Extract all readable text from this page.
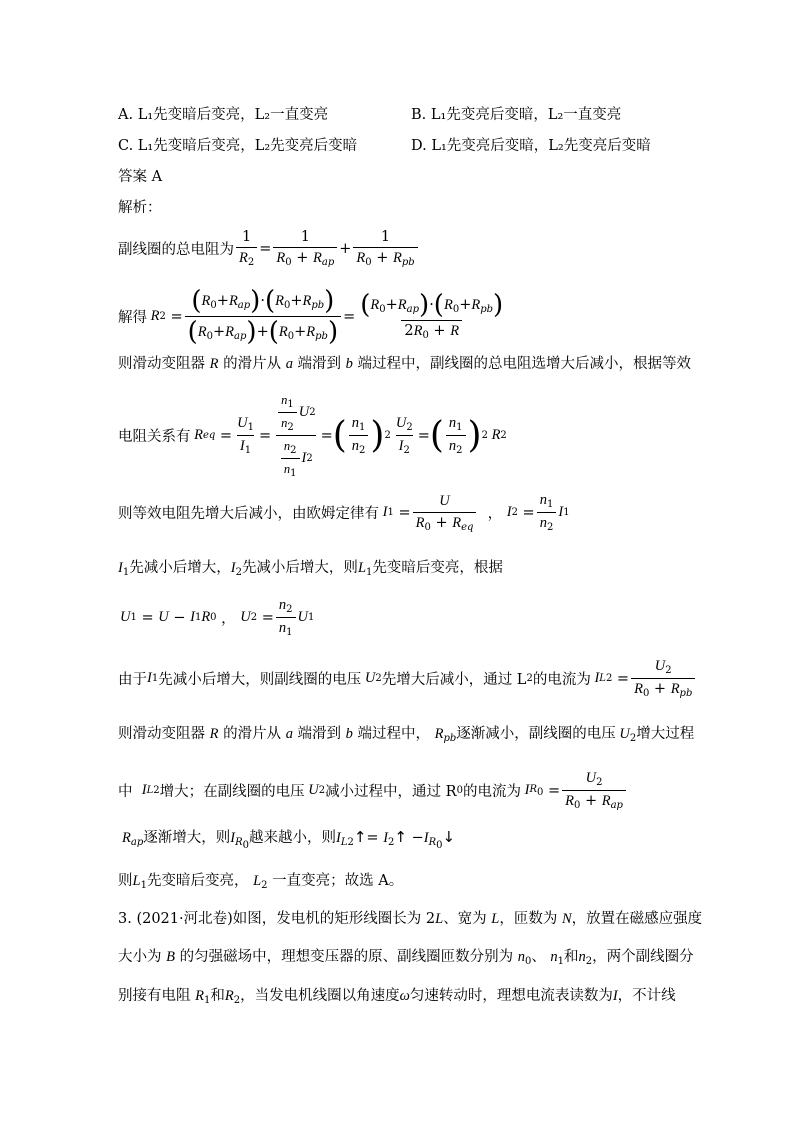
A. L₁先变暗后变亮，L₂一直变亮	B. L₁先变亮后变暗，L₂一直变亮
C. L₁先变暗后变亮，L₂先变亮后变暗	D. L₁先变亮后变暗，L₂先变亮后变暗
答案 A
解析：
副线圈的总电阻为 $\frac{1}{R_2} = \frac{1}{R_0 + R_{ap}} + \frac{1}{R_0 + R_{pb}}$
解得 R $2 = \frac{(R_0+R_{ap})\cdot(R_0+R_{pb})}{(R_0+R_{ap})+(R_0+R_{pb})} = \frac{(R_0+R_{ap})\cdot(R_0+R_{pb})}{2R_0 + R}$
则滑动变阻器 R 的滑片从 a 端滑到 b 端过程中，副线圈的总电阻选增大后减小，根据等效
电阻关系有 R eq = $\frac{U_1}{I_1} = \frac{\frac{n_1}{n_2} U 2}{\frac{n_2}{n_1} I 2}$ = ( $\frac{n_1}{n_2}$ ) $2 \frac{U_2}{I_2}$ = ( $\frac{n_1}{n_2}$ ) 2 R 2
则等效电阻先增大后减小，由欧姆定律有 I $1 = \frac{U}{R_0 + R_{eq}}$ ， I $2 = \frac{n_1}{n_2}$ I 1
$I_1$先减小后增大，$I_2$先减小后增大，则$L_1$先变暗后变亮，根据
U 1 = U − I 1 R 0 ， U $2 = \frac{n_2}{n_1}$ U 1
由于 I 1 先减小后增大，则副线圈的电压 U 2 先增大后减小，通过 L 2 的电流为 I $L2 = \frac{U_2}{R_0 + R_{pb}}$
则滑动变阻器 R 的滑片从 a 端滑到 b 端过程中， $R_{pb}$逐渐减小，副线圈的电压 $U_2$增大过程
中
I L2 增大；在副线圈的电压 U 2 减小过程中，通过 R 0 的电流为 I $R_0 = \frac{U_2}{R_0 + R_{ap}}$
$R_{ap}$逐渐增大，则$I_{R_0}$越来越小，则$I_{L2}↑=$ $I_2↑$ $-I_{R_0}↓$
则$L_1$先变暗后变亮， $L_2$ 一直变亮；故选 A。
3. (2021·河北卷)如图，发电机的矩形线圈长为 2L、宽为 L，匝数为 N，放置在磁感应强度
大小为 B 的匀强磁场中，理想变压器的原、副线圈匝数分别为 $n_0$、 $n_1$和$n_2$，两个副线圈分
别接有电阻 $R_1$和$R_2$，当发电机线圈以角速度ω匀速转动时，理想电流表读数为I，不计线
